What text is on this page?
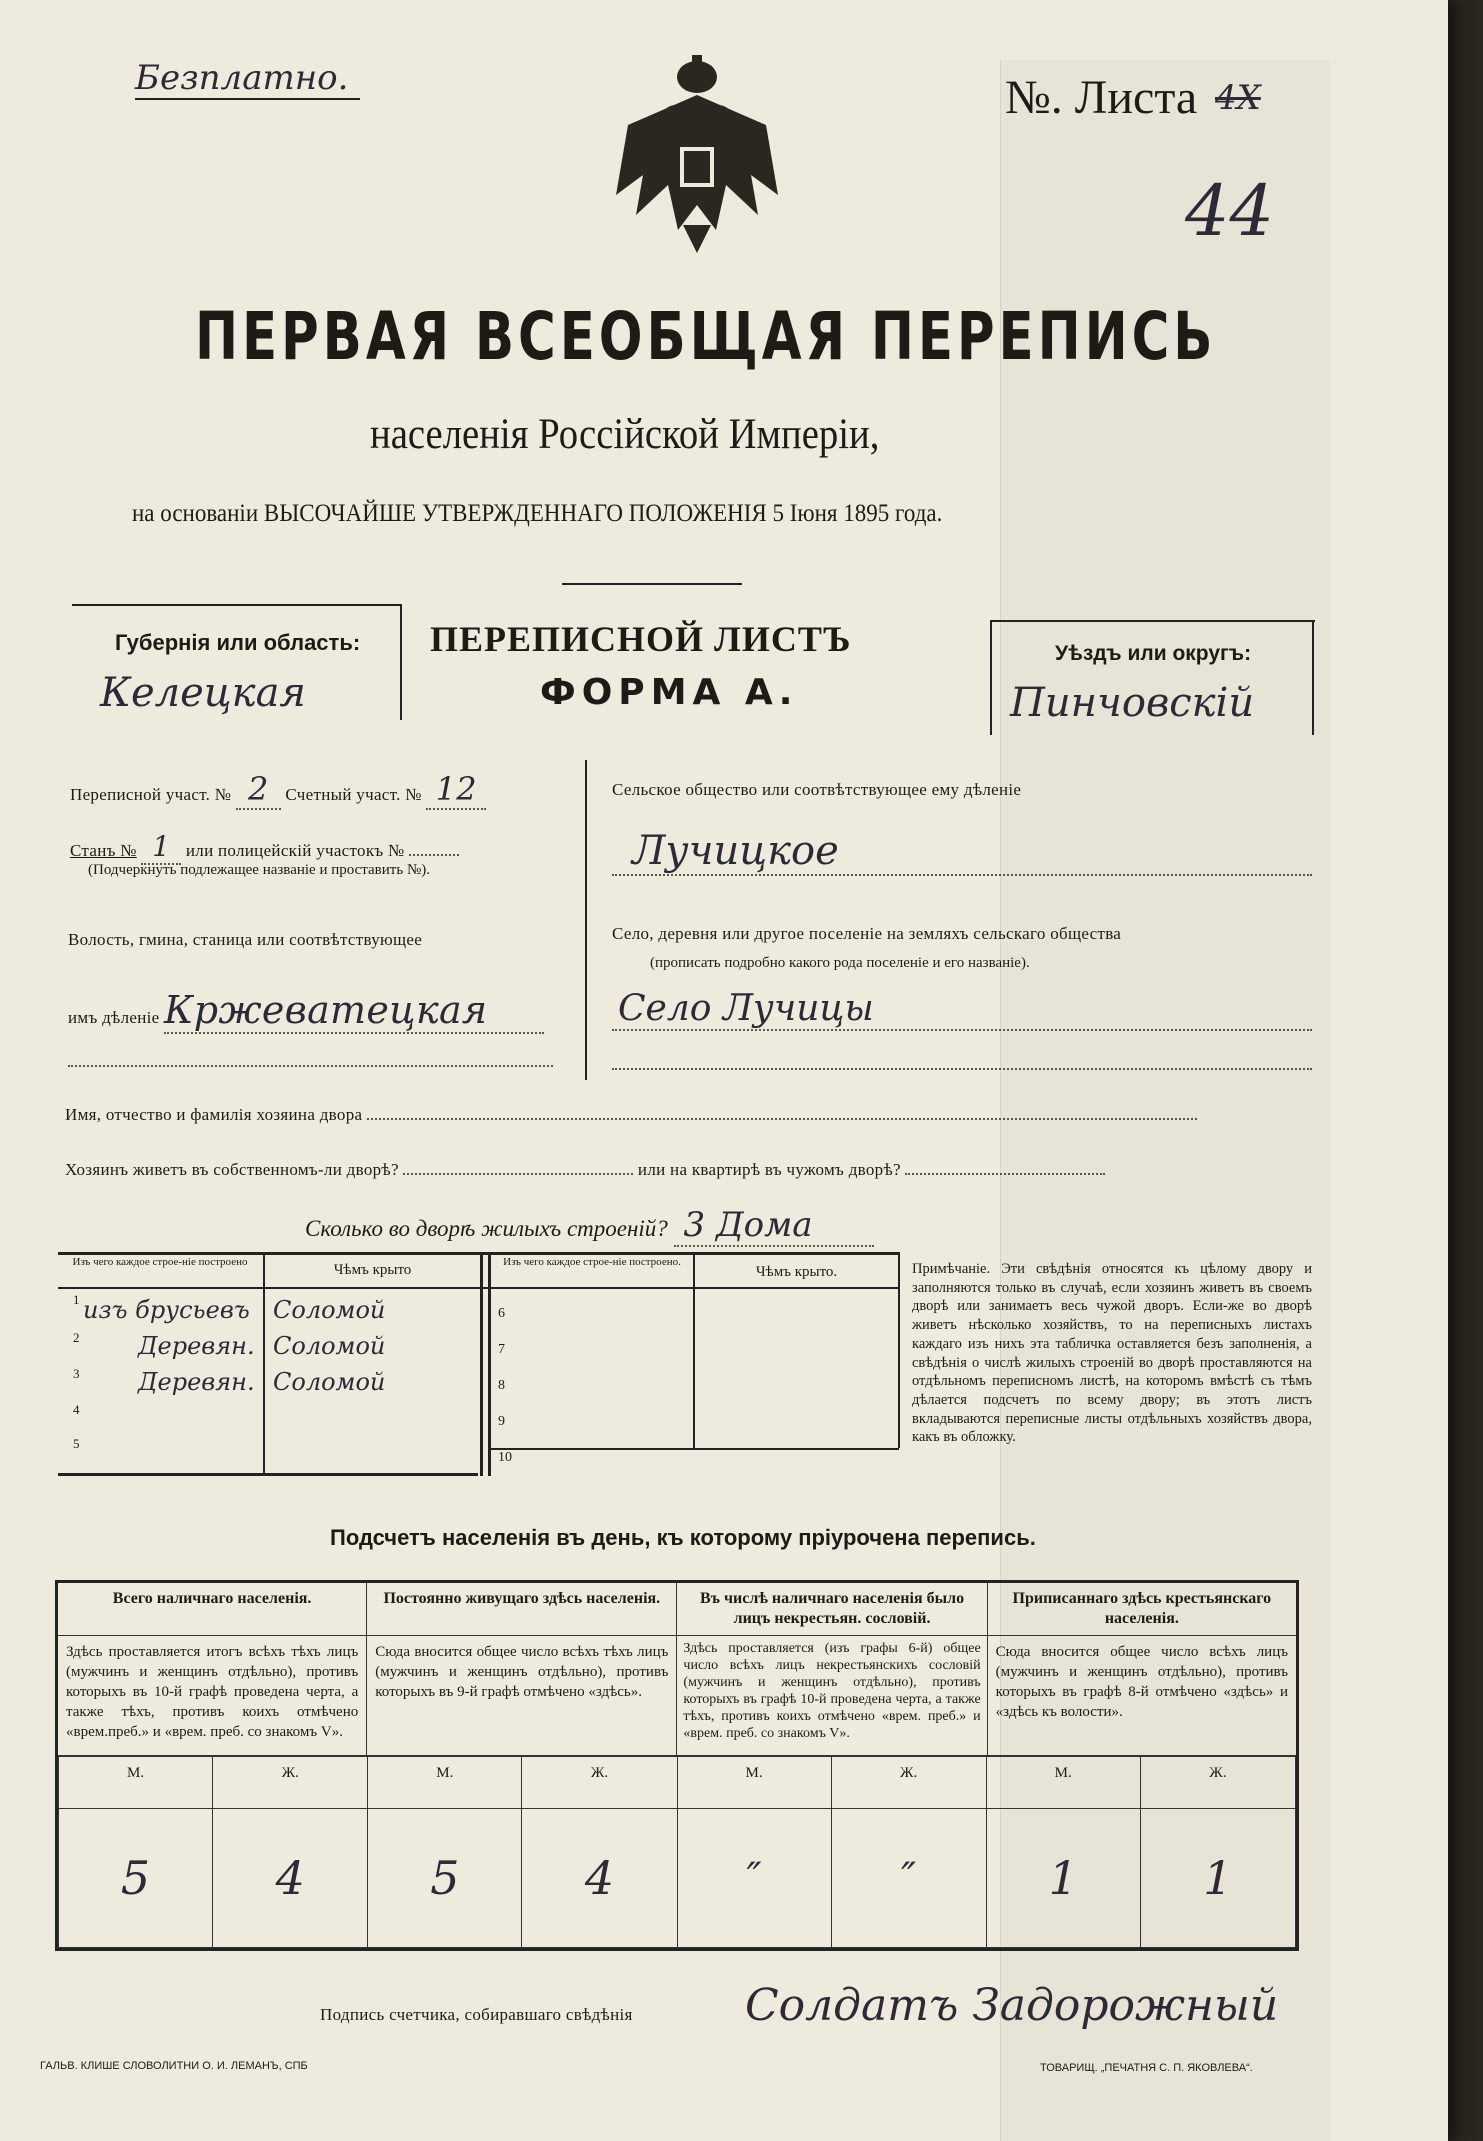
Безплатно.	№. Листа 4X
44
ПЕРВАЯ ВСЕОБЩАЯ ПЕРЕПИСЬ
населенія Россійской Имперіи,
на основаніи ВЫСОЧАЙШЕ УТВЕРЖДЕННАГО ПОЛОЖЕНІЯ 5 Іюня 1895 года.
Губернія или область:
Келецкая
ПЕРЕПИСНОЙ ЛИСТЪ
ФОРМА А.
Уѣздъ или округъ:
Пинчовскій
Переписной участ. № 2 Счетный участ. № 12
Станъ № 1 или полицейскій участокъ №
(Подчеркнуть подлежащее названіе и проставить №).
Волость, гмина, станица или соотвѣтствующее
имъ дѣленіе Кржеватецкая
Сельское общество или соотвѣтствующее ему дѣленіе
Лучицкое
Село, деревня или другое поселеніе на земляхъ сельскаго общества
(прописать подробно какого рода поселеніе и его названіе).
Село Лучицы
Имя, отчество и фамилія хозяина двора
Хозяинъ живетъ въ собственномъ-ли дворѣ?	или на квартирѣ въ чужомъ дворѣ?
Сколько во дворѣ жилыхъ строеній? 3 Дома
Изъ чего каждое строе-ніе построено	Чѣмъ крыто	Изъ чего каждое строе-ніе построено.
Чѣмъ крыто.
1 изъ брусьевъ Соломой
2 Деревян. Соломой
3 Деревян. Соломой
4
5
6
7
8
9
10
Примѣчаніе. Эти свѣдѣнія относятся къ цѣлому двору и заполняются только въ случаѣ, если хозяинъ живетъ въ своемъ дворѣ или занимаетъ весь чужой дворъ. Если-же во дворѣ живетъ нѣсколько хозяйствъ, то на переписныхъ листахъ каждаго изъ нихъ эта табличка оставляется безъ заполненія, а свѣдѣнія о числѣ жилыхъ строеній во дворѣ проставляются на отдѣльномъ переписномъ листѣ, на которомъ вмѣстѣ съ тѣмъ дѣлается подсчетъ по всему двору; въ этотъ листъ вкладываются переписные листы отдѣльныхъ хозяйствъ двора, какъ въ обложку.
Подсчетъ населенія въ день, къ которому пріурочена перепись.
Всего наличнаго населенія.	Постоянно живущаго здѣсь населенія.	Въ числѣ наличнаго населенія было лицъ некрестьян. сословій.	Приписаннаго здѣсь крестьянскаго населенія.
Здѣсь проставляется итогъ всѣхъ тѣхъ лицъ (мужчинъ и женщинъ отдѣльно), противъ которыхъ въ 10-й графѣ проведена черта, а также тѣхъ, противъ коихъ отмѣчено «врем.преб.» и «врем. преб. со знакомъ V».	Сюда вносится общее число всѣхъ тѣхъ лицъ (мужчинъ и женщинъ отдѣльно), противъ которыхъ въ 9-й графѣ отмѣчено «здѣсь».	Здѣсь проставляется (изъ графы 6-й) общее число всѣхъ лицъ некрестьянскихъ сословій (мужчинъ и женщинъ отдѣльно), противъ которыхъ въ графѣ 10-й проведена черта, а также тѣхъ, противъ коихъ отмѣчено «врем. преб.» и «врем. преб. со знакомъ V».	Сюда вносится общее число всѣхъ лицъ (мужчинъ и женщинъ отдѣльно), противъ которыхъ въ графѣ 8-й отмѣчено «здѣсь» и «здѣсь къ волости».

М.	Ж.	М.	Ж.	М.	Ж.	М.	Ж.
5	4	5	4	″	″	1	1
Подпись счетчика, собиравшаго свѣдѣнія	Солдатъ Задорожный
ГАЛЬВ. КЛИШЕ СЛОВОЛИТНИ О. И. ЛЕМАНЪ, СПБ	ТОВАРИЩ. „ПЕЧАТНЯ С. П. ЯКОВЛЕВА“.
